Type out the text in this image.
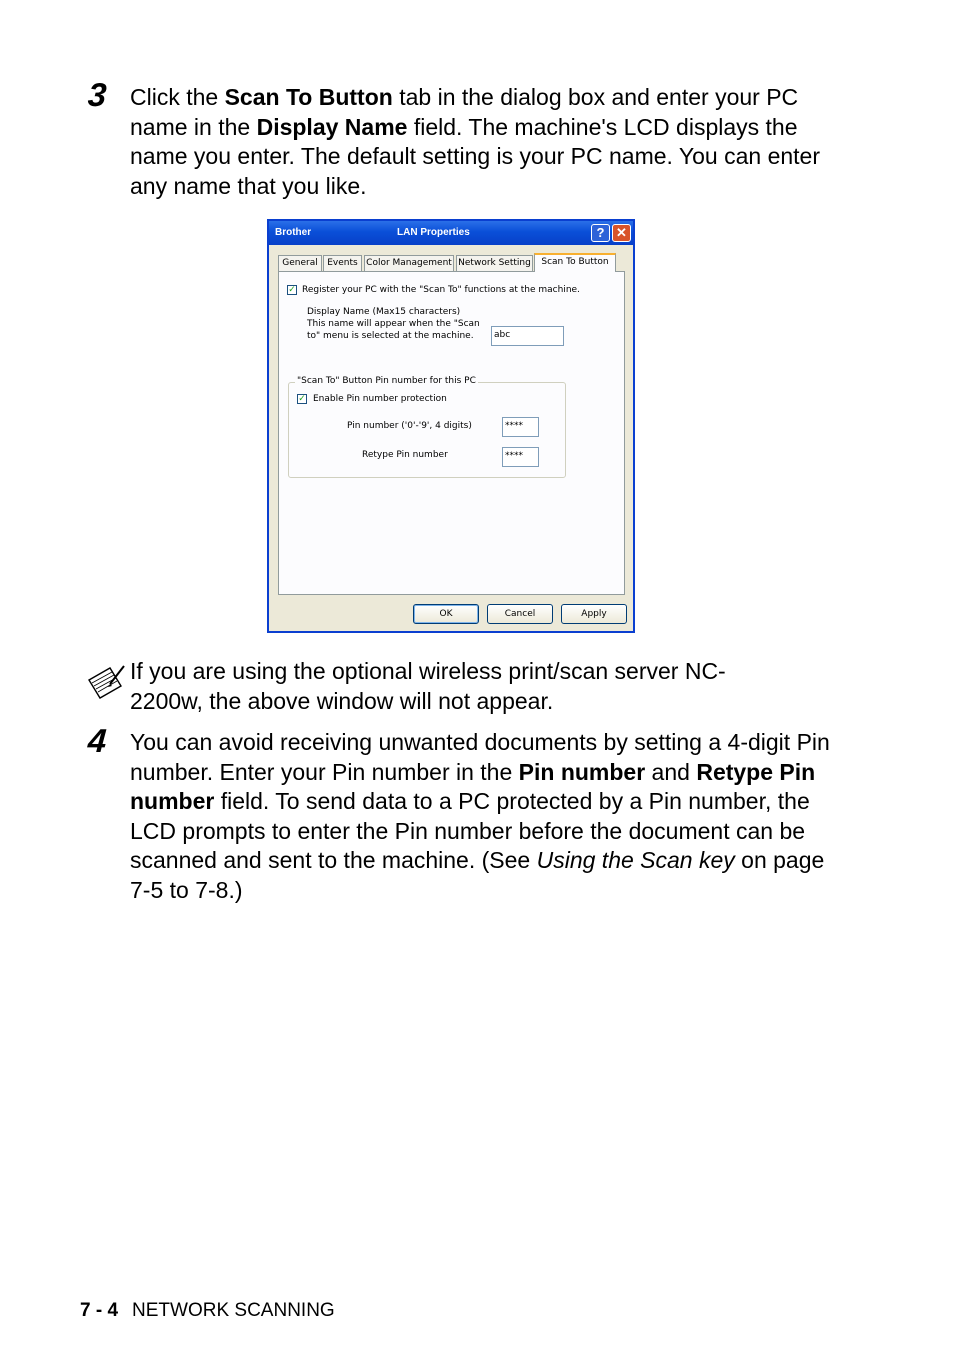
3 Click the Scan To Button tab in the dialog box and enter your PC name in the Display Name field. The machine's LCD displays the name you enter. The default setting is your PC name. You can enter any name that you like.
Brother	LAN Properties	? ✕
General	Events Color Management Network Setting	Scan To Button
✓ Register your PC with the "Scan To" functions at the machine.
Display Name (Max15 characters)
This name will appear when the "Scan
to" menu is selected at the machine.	abc
"Scan To" Button Pin number for this PC
✓ Enable Pin number protection
Pin number ('0'-'9', 4 digits)	****
Retype Pin number	****
OK	Cancel	Apply
If you are using the optional wireless print/scan server NC-2200w, the above window will not appear.
4 You can avoid receiving unwanted documents by setting a 4-digit Pin number. Enter your Pin number in the Pin number and Retype Pin number field. To send data to a PC protected by a Pin number, the LCD prompts to enter the Pin number before the document can be scanned and sent to the machine. (See Using the Scan key on page 7-5 to 7-8.)
7 - 4 NETWORK SCANNING
